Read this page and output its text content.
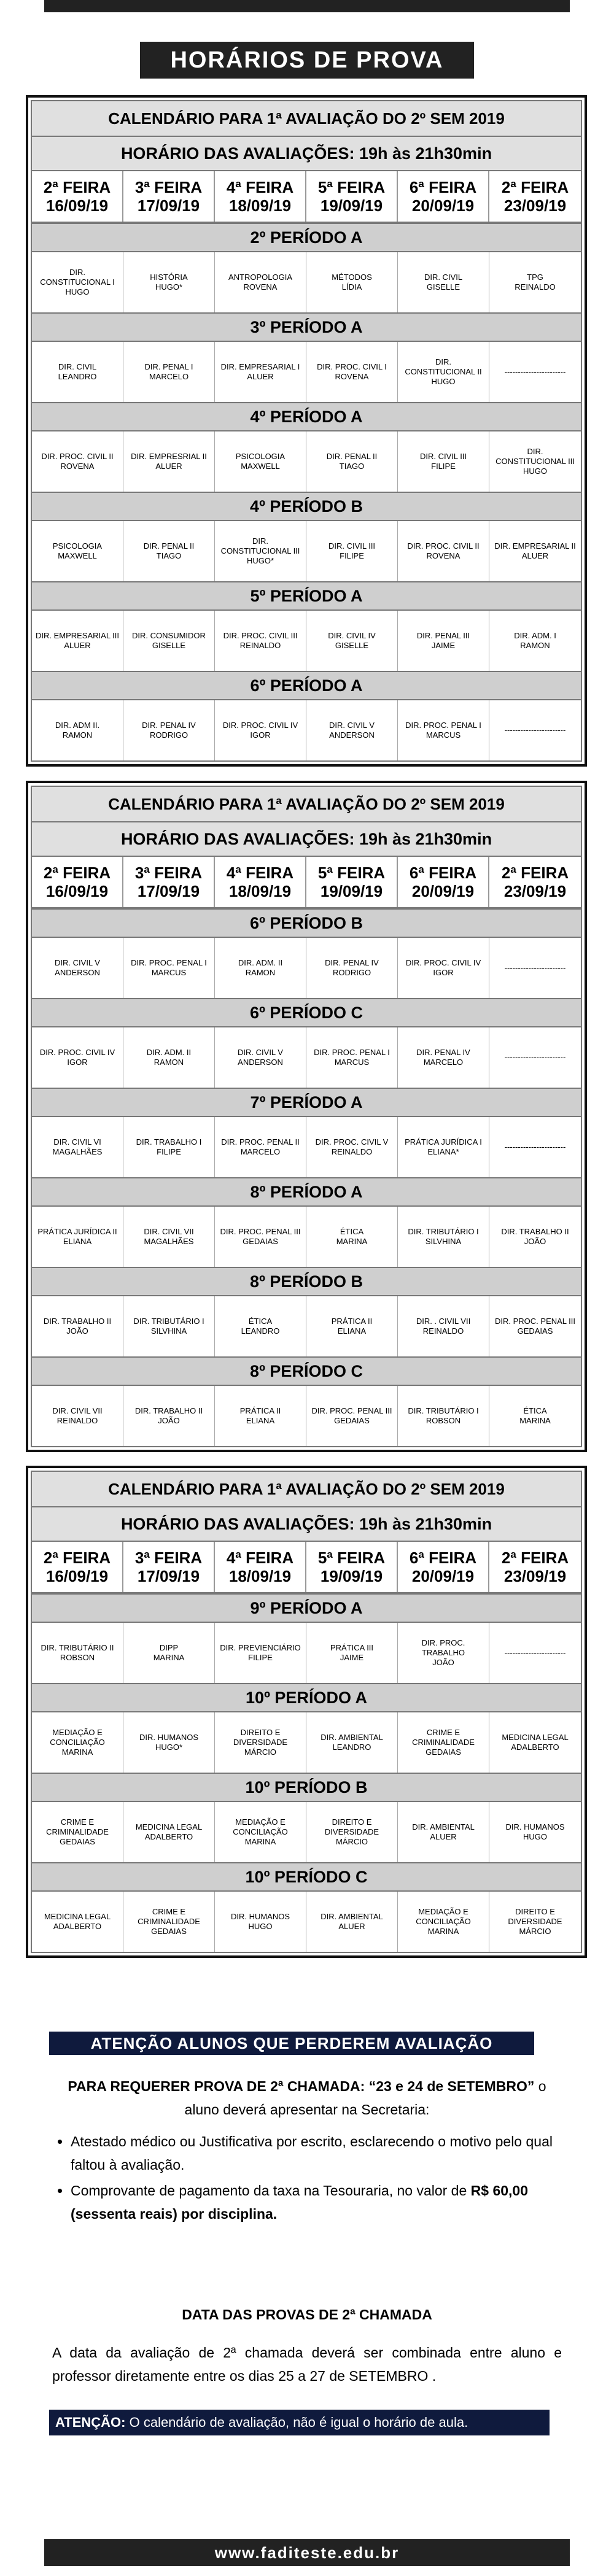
HORÁRIOS DE PROVA
CALENDÁRIO PARA 1ª AVALIAÇÃO DO 2º SEM 2019
HORÁRIO DAS AVALIAÇÕES: 19h às 21h30min
2ª FEIRA
16/09/19
3ª FEIRA
17/09/19
4ª FEIRA
18/09/19
5ª FEIRA
19/09/19
6ª FEIRA
20/09/19
2ª FEIRA
23/09/19
2º PERÍODO A
DIR. CONSTITUCIONAL I
HUGO
HISTÓRIA
HUGO*
ANTROPOLOGIA
ROVENA
MÉTODOS
LÍDIA
DIR. CIVIL
GISELLE
TPG
REINALDO
3º PERÍODO A
DIR. CIVIL
LEANDRO
DIR. PENAL I
MARCELO
DIR. EMPRESARIAL I
ALUER
DIR. PROC. CIVIL I
ROVENA
DIR. CONSTITUCIONAL II
HUGO
-----------------------
4º PERÍODO A
DIR. PROC. CIVIL II
ROVENA
DIR. EMPRESRIAL II
ALUER
PSICOLOGIA
MAXWELL
DIR. PENAL II
TIAGO
DIR. CIVIL III
FILIPE
DIR. CONSTITUCIONAL III
HUGO
4º PERÍODO B
PSICOLOGIA
MAXWELL
DIR. PENAL II
TIAGO
DIR. CONSTITUCIONAL III
HUGO*
DIR. CIVIL III
FILIPE
DIR. PROC. CIVIL II
ROVENA
DIR. EMPRESARIAL II
ALUER
5º PERÍODO A
DIR. EMPRESARIAL III
ALUER
DIR. CONSUMIDOR
GISELLE
DIR. PROC. CIVIL III
REINALDO
DIR. CIVIL IV
GISELLE
DIR. PENAL III
JAIME
DIR. ADM. I
RAMON
6º PERÍODO A
DIR. ADM II.
RAMON
DIR. PENAL IV
RODRIGO
DIR. PROC. CIVIL IV
IGOR
DIR. CIVIL V
ANDERSON
DIR. PROC. PENAL I
MARCUS
-----------------------
CALENDÁRIO PARA 1ª AVALIAÇÃO DO 2º SEM 2019
HORÁRIO DAS AVALIAÇÕES: 19h às 21h30min
2ª FEIRA
16/09/19
3ª FEIRA
17/09/19
4ª FEIRA
18/09/19
5ª FEIRA
19/09/19
6ª FEIRA
20/09/19
2ª FEIRA
23/09/19
6º PERÍODO B
DIR. CIVIL V
ANDERSON
DIR. PROC. PENAL I
MARCUS
DIR. ADM. II
RAMON
DIR. PENAL IV
RODRIGO
DIR. PROC. CIVIL IV
IGOR
-----------------------
6º PERÍODO C
DIR. PROC. CIVIL IV
IGOR
DIR. ADM. II
RAMON
DIR. CIVIL V
ANDERSON
DIR. PROC. PENAL I
MARCUS
DIR. PENAL IV
MARCELO
-----------------------
7º PERÍODO A
DIR. CIVIL VI
MAGALHÃES
DIR. TRABALHO I
FILIPE
DIR. PROC. PENAL II
MARCELO
DIR. PROC. CIVIL V
REINALDO
PRÁTICA JURÍDICA I
ELIANA*
-----------------------
8º PERÍODO A
PRÁTICA JURÍDICA II
ELIANA
DIR. CIVIL VII
MAGALHÃES
DIR. PROC. PENAL III
GEDAIAS
ÉTICA
MARINA
DIR. TRIBUTÁRIO I
SILVHINA
DIR. TRABALHO II
JOÃO
8º PERÍODO B
DIR. TRABALHO II
JOÃO
DIR. TRIBUTÁRIO I
SILVHINA
ÉTICA
LEANDRO
PRÁTICA II
ELIANA
DIR. . CIVIL VII
REINALDO
DIR. PROC. PENAL III
GEDAIAS
8º PERÍODO C
DIR. CIVIL VII
REINALDO
DIR. TRABALHO II
JOÃO
PRÁTICA II
ELIANA
DIR. PROC. PENAL III
GEDAIAS
DIR. TRIBUTÁRIO I
ROBSON
ÉTICA
MARINA
CALENDÁRIO PARA 1ª AVALIAÇÃO DO 2º SEM 2019
HORÁRIO DAS AVALIAÇÕES: 19h às 21h30min
2ª FEIRA
16/09/19
3ª FEIRA
17/09/19
4ª FEIRA
18/09/19
5ª FEIRA
19/09/19
6ª FEIRA
20/09/19
2ª FEIRA
23/09/19
9º PERÍODO A
DIR. TRIBUTÁRIO II
ROBSON
DIPP
MARINA
DIR. PREVIENCIÁRIO
FILIPE
PRÁTICA III
JAIME
DIR. PROC. TRABALHO
JOÃO
-----------------------
10º PERÍODO A
MEDIAÇÃO E CONCILIAÇÃO
MARINA
DIR. HUMANOS
HUGO*
DIREITO E DIVERSIDADE
MÁRCIO
DIR. AMBIENTAL
LEANDRO
CRIME E CRIMINALIDADE
GEDAIAS
MEDICINA LEGAL
ADALBERTO
10º PERÍODO B
CRIME E CRIMINALIDADE
GEDAIAS
MEDICINA LEGAL
ADALBERTO
MEDIAÇÃO E CONCILIAÇÃO
MARINA
DIREITO E DIVERSIDADE
MÁRCIO
DIR. AMBIENTAL
ALUER
DIR. HUMANOS
HUGO
10º PERÍODO C
MEDICINA LEGAL
ADALBERTO
CRIME E CRIMINALIDADE
GEDAIAS
DIR. HUMANOS
HUGO
DIR. AMBIENTAL
ALUER
MEDIAÇÃO E CONCILIAÇÃO
MARINA
DIREITO E DIVERSIDADE
MÁRCIO
ATENÇÃO ALUNOS QUE PERDEREM AVALIAÇÃO
PARA REQUERER PROVA DE 2ª CHAMADA: “23 e 24 de SETEMBRO” o aluno deverá apresentar na Secretaria:
• Atestado médico ou Justificativa por escrito, esclarecendo o motivo pelo qual faltou à avaliação.
• Comprovante de pagamento da taxa na Tesouraria, no valor de R$ 60,00 (sessenta reais) por disciplina.
DATA DAS PROVAS DE 2ª CHAMADA
A data da avaliação de 2ª chamada deverá ser combinada entre aluno e professor diretamente entre os dias 25 a 27 de SETEMBRO .
ATENÇÃO:
O calendário de avaliação, não é igual o horário de aula.
www.faditeste.edu.br
